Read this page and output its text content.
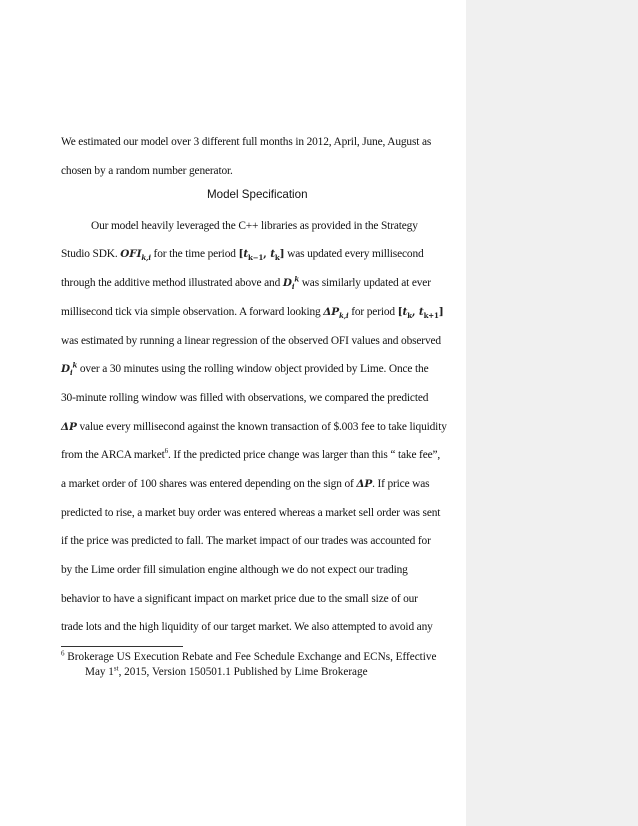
We estimated our model over 3 different full months in 2012, April, June, August as
chosen by a random number generator.
Model Specification
Our model heavily leveraged the C++ libraries as provided in the Strategy
Studio SDK. $OFI_{k,i}$ for the time period [$t_{k-1}$, $t_k$] was updated every millisecond
through the additive method illustrated above and $D_i^k$ was similarly updated at ever
millisecond tick via simple observation. A forward looking $\Delta P_{k,i}$ for period [$t_k$, $t_{k+1}$]
was estimated by running a linear regression of the observed OFI values and observed
$D_i^k$ over a 30 minutes using the rolling window object provided by Lime. Once the
30-minute rolling window was filled with observations, we compared the predicted
ΔP value every millisecond against the known transaction of $.003 fee to take liquidity
from the ARCA market$^6$. If the predicted price change was larger than this “ take fee”,
a market order of 100 shares was entered depending on the sign of ΔP. If price was
predicted to rise, a market buy order was entered whereas a market sell order was sent
if the price was predicted to fall. The market impact of our trades was accounted for
by the Lime order fill simulation engine although we do not expect our trading
behavior to have a significant impact on market price due to the small size of our
trade lots and the high liquidity of our target market. We also attempted to avoid any
$^6$ Brokerage US Execution Rebate and Fee Schedule Exchange and ECNs, Effective
May 1st, 2015, Version 150501.1 Published by Lime Brokerage
